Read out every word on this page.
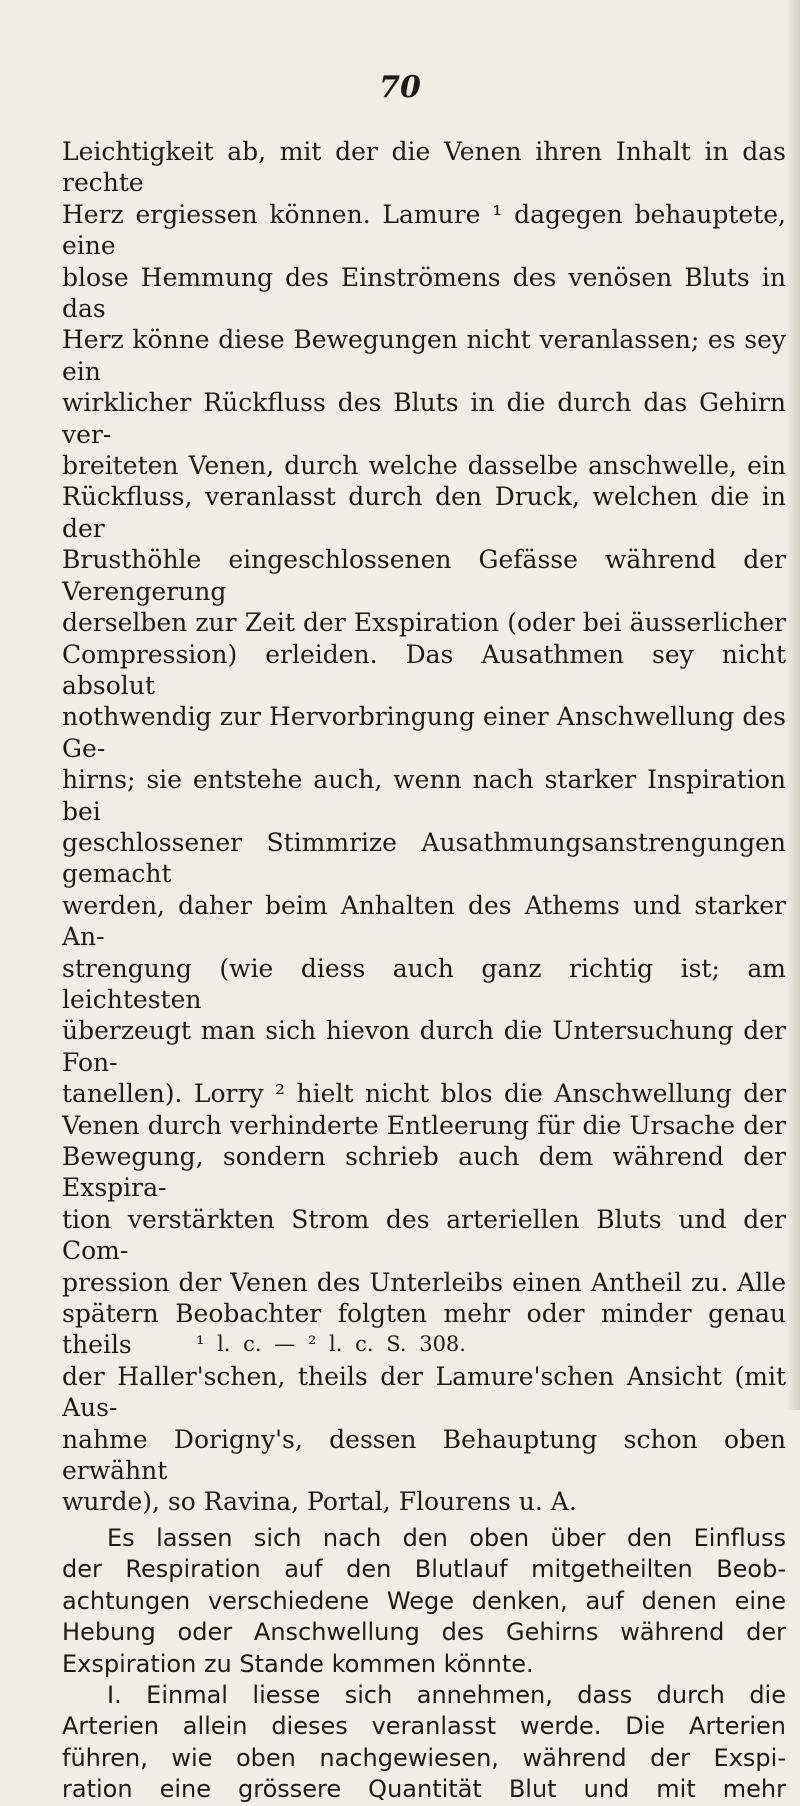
70

Leichtigkeit ab, mit der die Venen ihren Inhalt in das rechte

Herz ergiessen können. Lamure ¹ dagegen behauptete, eine

blose Hemmung des Einströmens des venösen Bluts in das

Herz könne diese Bewegungen nicht veranlassen; es sey ein

wirklicher Rückfluss des Bluts in die durch das Gehirn ver-

breiteten Venen, durch welche dasselbe anschwelle, ein

Rückfluss, veranlasst durch den Druck, welchen die in der

Brusthöhle eingeschlossenen Gefässe während der Verengerung

derselben zur Zeit der Exspiration (oder bei äusserlicher

Compression) erleiden. Das Ausathmen sey nicht absolut

nothwendig zur Hervorbringung einer Anschwellung des Ge-

hirns; sie entstehe auch, wenn nach starker Inspiration bei

geschlossener Stimmrize Ausathmungsanstrengungen gemacht

werden, daher beim Anhalten des Athems und starker An-

strengung (wie diess auch ganz richtig ist; am leichtesten

überzeugt man sich hievon durch die Untersuchung der Fon-

tanellen). Lorry ² hielt nicht blos die Anschwellung der

Venen durch verhinderte Entleerung für die Ursache der

Bewegung, sondern schrieb auch dem während der Exspira-

tion verstärkten Strom des arteriellen Bluts und der Com-

pression der Venen des Unterleibs einen Antheil zu. Alle

spätern Beobachter folgten mehr oder minder genau theils

der Haller'schen, theils der Lamure'schen Ansicht (mit Aus-

nahme Dorigny's, dessen Behauptung schon oben erwähnt

wurde), so Ravina, Portal, Flourens u. A.

Es lassen sich nach den oben über den Einfluss

der Respiration auf den Blutlauf mitgetheilten Beob-

achtungen verschiedene Wege denken, auf denen eine

Hebung oder Anschwellung des Gehirns während der

Exspiration zu Stande kommen könnte.

I. Einmal liesse sich annehmen, dass durch die

Arterien allein dieses veranlasst werde. Die Arterien

führen, wie oben nachgewiesen, während der Exspi-

ration eine grössere Quantität Blut und mit mehr

¹ l. c. — ² l. c. S. 308.
